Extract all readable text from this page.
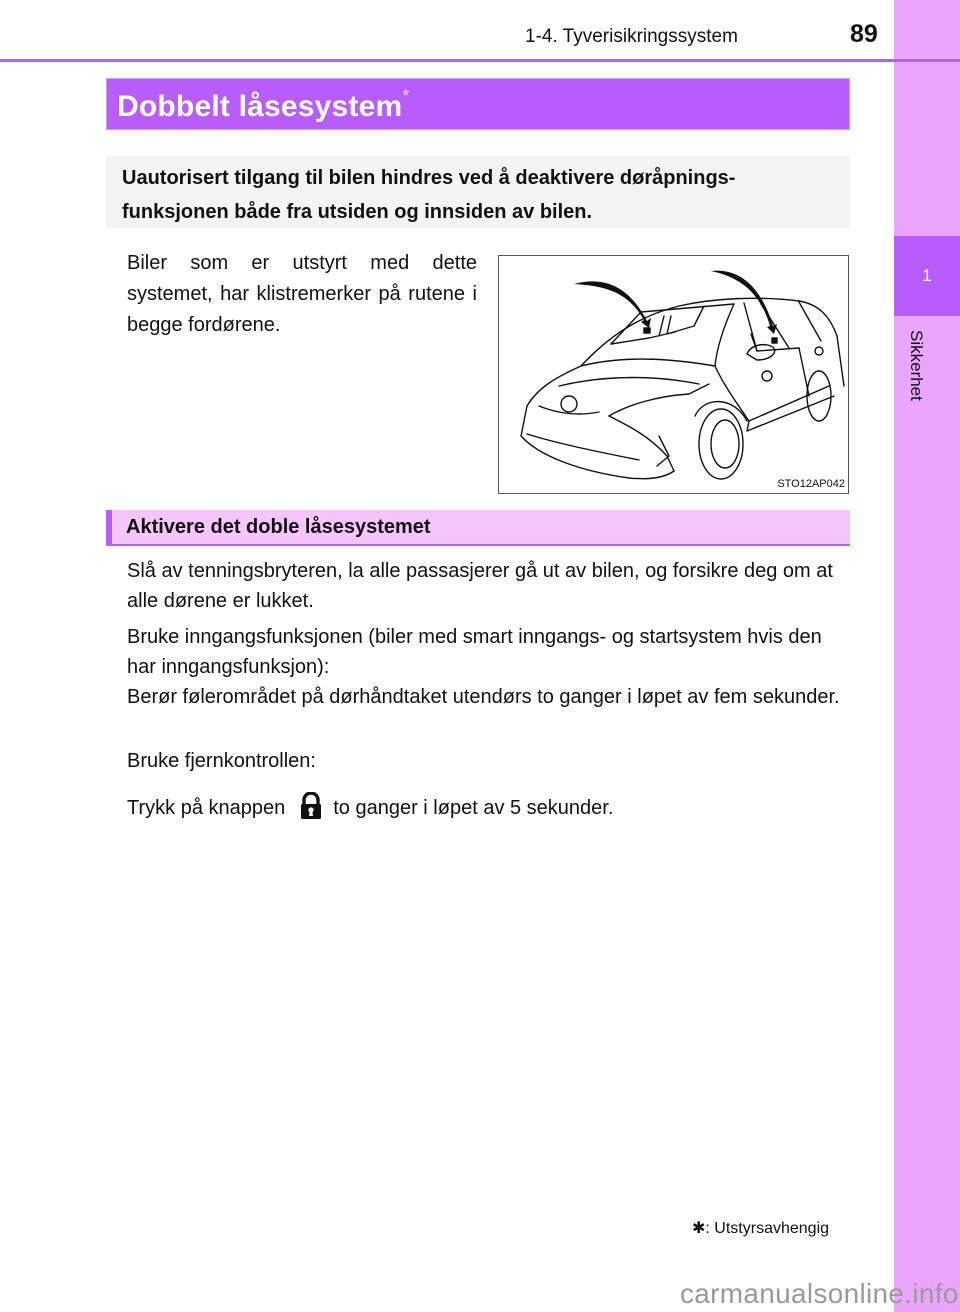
1
Sikkerhet
1-4. Tyverisikringssystem	89
Dobbelt låsesystem*
Uautorisert tilgang til bilen hindres ved å deaktivere døråpnings-funksjonen både fra utsiden og innsiden av bilen.
Biler som er utstyrt med dette systemet, har klistremerker på rutene i begge fordørene.
STO12AP042
Aktivere det doble låsesystemet
Slå av tenningsbryteren, la alle passasjerer gå ut av bilen, og forsikre deg om at alle dørene er lukket.
Bruke inngangsfunksjonen (biler med smart inngangs- og startsystem hvis den har inngangsfunksjon):
Berør følerområdet på dørhåndtaket utendørs to ganger i løpet av fem sekunder.
Bruke fjernkontrollen:
Trykk på knappen to ganger i løpet av 5 sekunder.
✱: Utstyrsavhengig
carmanualsonline.info
